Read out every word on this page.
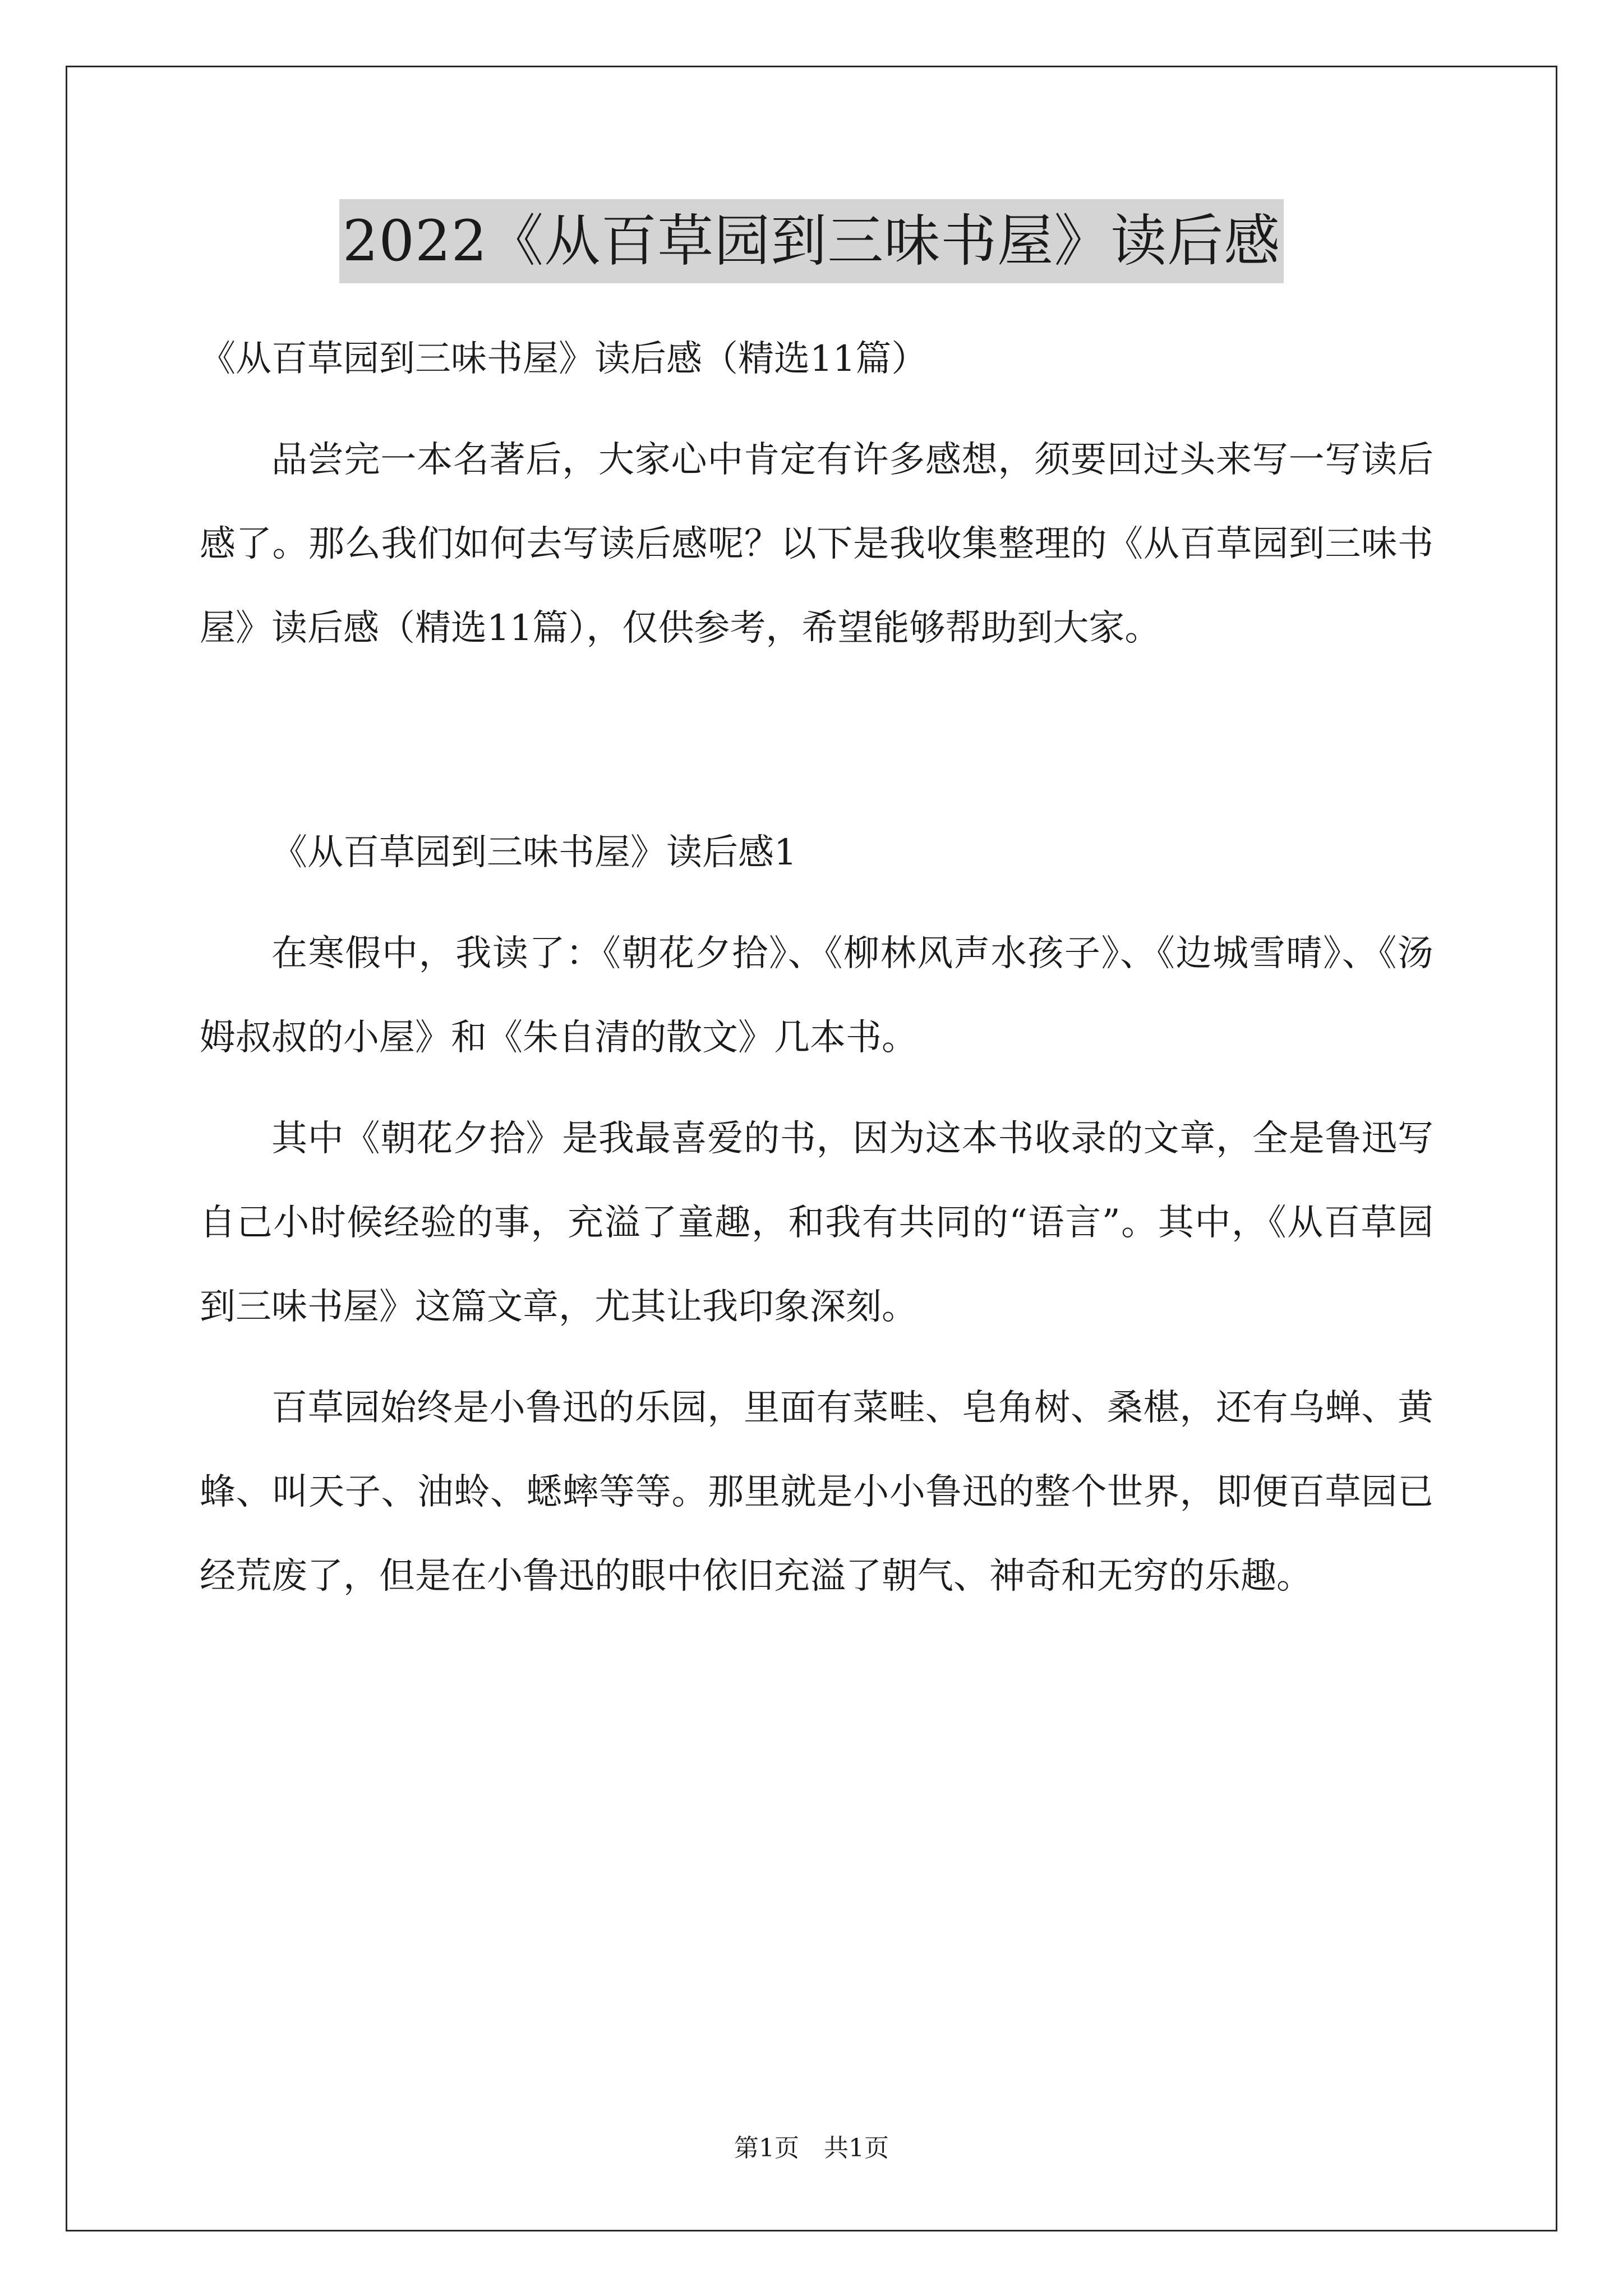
2022《从百草园到三味书屋》读后感

《从百草园到三味书屋》读后感（精选11篇）

品尝完一本名著后，大家心中肯定有许多感想，须要回过头来写一写读后感了。那么我们如何去写读后感呢？以下是我收集整理的《从百草园到三味书屋》读后感（精选11篇），仅供参考，希望能够帮助到大家。

《从百草园到三味书屋》读后感1

在寒假中，我读了：《朝花夕拾》、《柳林风声水孩子》、《边城雪晴》、《汤姆叔叔的小屋》和《朱自清的散文》几本书。

其中《朝花夕拾》是我最喜爱的书，因为这本书收录的文章，全是鲁迅写自己小时候经验的事，充溢了童趣，和我有共同的“语言”。其中，《从百草园到三味书屋》这篇文章，尤其让我印象深刻。

百草园始终是小鲁迅的乐园，里面有菜畦、皂角树、桑椹，还有乌蝉、黄蜂、叫天子、油蛉、蟋蟀等等。那里就是小小鲁迅的整个世界，即便百草园已经荒废了，但是在小鲁迅的眼中依旧充溢了朝气、神奇和无穷的乐趣。

第1页　共1页
